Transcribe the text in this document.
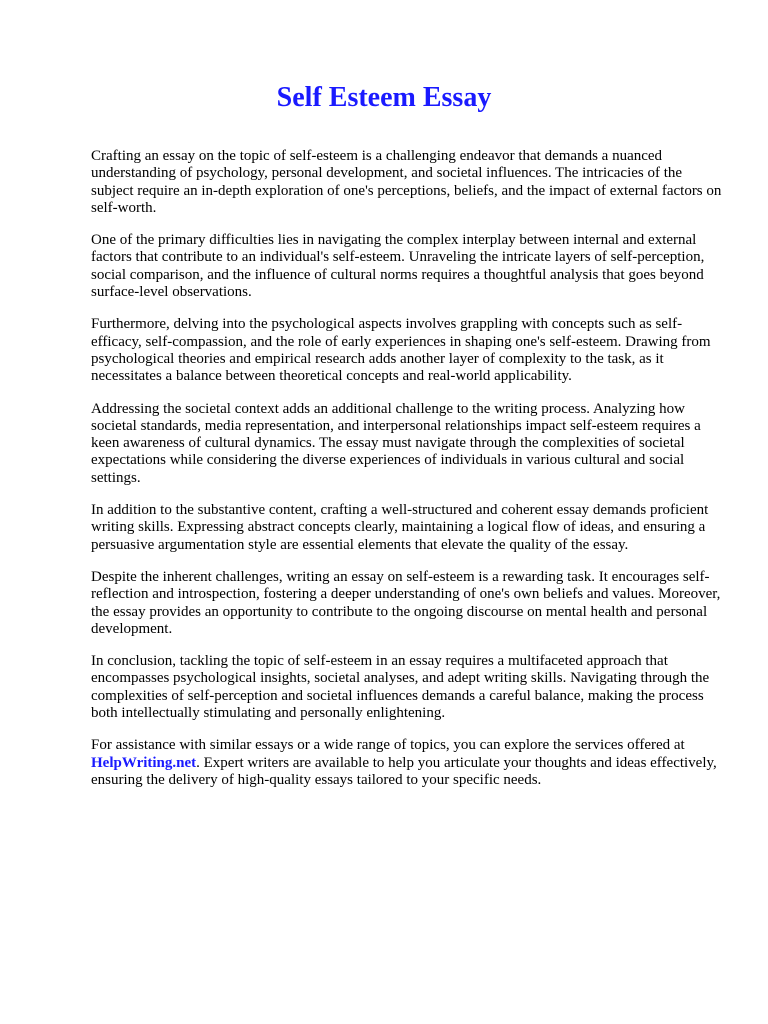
Self Esteem Essay

Crafting an essay on the topic of self-esteem is a challenging endeavor that demands a nuanced understanding of psychology, personal development, and societal influences. The intricacies of the subject require an in-depth exploration of one's perceptions, beliefs, and the impact of external factors on self-worth.

One of the primary difficulties lies in navigating the complex interplay between internal and external factors that contribute to an individual's self-esteem. Unraveling the intricate layers of self-perception, social comparison, and the influence of cultural norms requires a thoughtful analysis that goes beyond surface-level observations.

Furthermore, delving into the psychological aspects involves grappling with concepts such as self-efficacy, self-compassion, and the role of early experiences in shaping one's self-esteem. Drawing from psychological theories and empirical research adds another layer of complexity to the task, as it necessitates a balance between theoretical concepts and real-world applicability.

Addressing the societal context adds an additional challenge to the writing process. Analyzing how societal standards, media representation, and interpersonal relationships impact self-esteem requires a keen awareness of cultural dynamics. The essay must navigate through the complexities of societal expectations while considering the diverse experiences of individuals in various cultural and social settings.

In addition to the substantive content, crafting a well-structured and coherent essay demands proficient writing skills. Expressing abstract concepts clearly, maintaining a logical flow of ideas, and ensuring a persuasive argumentation style are essential elements that elevate the quality of the essay.

Despite the inherent challenges, writing an essay on self-esteem is a rewarding task. It encourages self-reflection and introspection, fostering a deeper understanding of one's own beliefs and values. Moreover, the essay provides an opportunity to contribute to the ongoing discourse on mental health and personal development.

In conclusion, tackling the topic of self-esteem in an essay requires a multifaceted approach that encompasses psychological insights, societal analyses, and adept writing skills. Navigating through the complexities of self-perception and societal influences demands a careful balance, making the process both intellectually stimulating and personally enlightening.

For assistance with similar essays or a wide range of topics, you can explore the services offered at HelpWriting.net. Expert writers are available to help you articulate your thoughts and ideas effectively, ensuring the delivery of high-quality essays tailored to your specific needs.
